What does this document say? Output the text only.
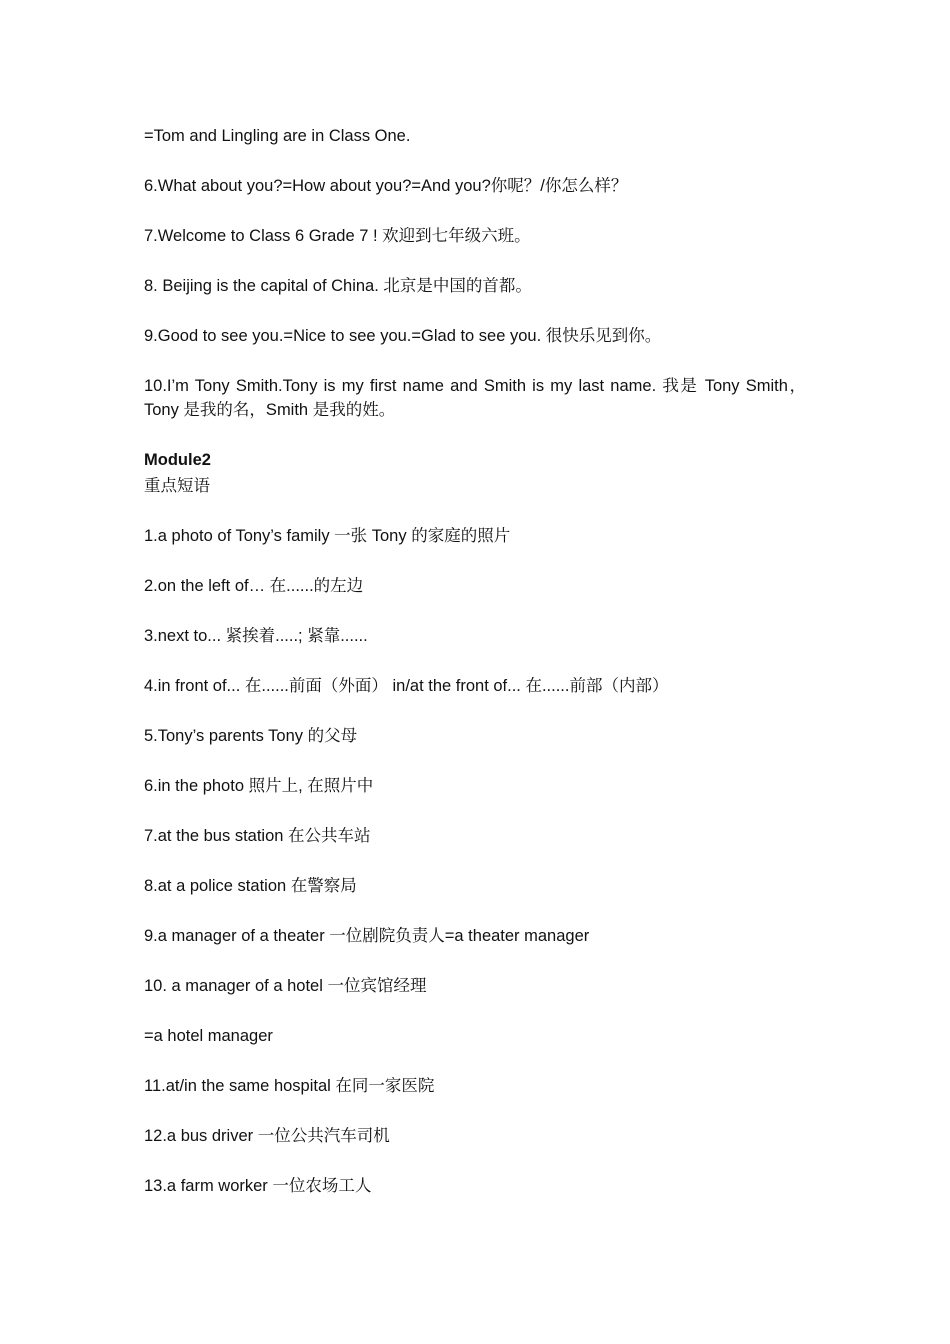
=Tom and Lingling are in Class One.

6.What about you?=How about you?=And you?你呢？/你怎么样？

7.Welcome to Class 6 Grade 7 ! 欢迎到七年级六班。

8. Beijing is the capital of China. 北京是中国的首都。

9.Good to see you.=Nice to see you.=Glad to see you. 很快乐见到你。

10.I’m Tony Smith.Tony is my first name and Smith is my last name. 我是 Tony Smith，Tony 是我的名，Smith 是我的姓。

Module2

重点短语

1.a photo of Tony’s family 一张 Tony 的家庭的照片

2.on the left of… 在......的左边

3.next to... 紧挨着.....; 紧靠......

4.in front of... 在......前面（外面） in/at the front of... 在......前部（内部）

5.Tony’s parents Tony 的父母

6.in the photo 照片上, 在照片中

7.at the bus station 在公共车站

8.at a police station 在警察局

9.a manager of a theater 一位剧院负责人=a theater manager

10. a manager of a hotel 一位宾馆经理

=a hotel manager

11.at/in the same hospital 在同一家医院

12.a bus driver 一位公共汽车司机

13.a farm worker 一位农场工人
